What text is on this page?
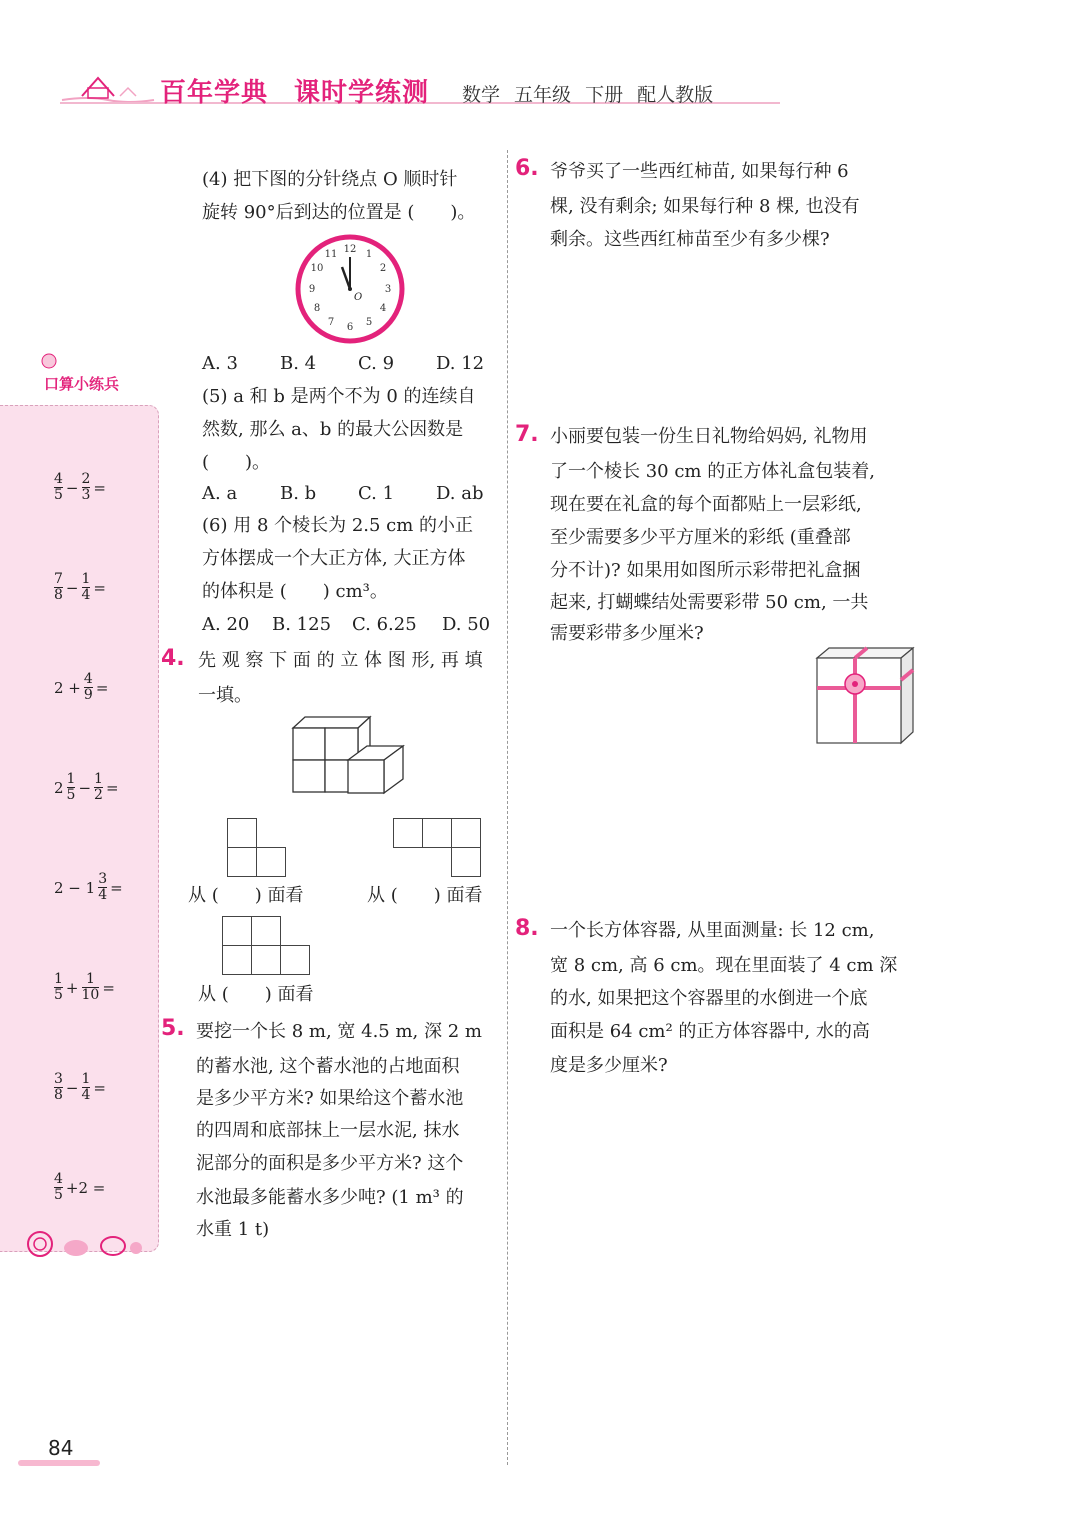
百年学典 课时学练测 数学 五年级 下册 配人教版
口算小练兵
$\frac{4}{5} - \frac{2}{3}$ =
$\frac{7}{8} - \frac{1}{4}$ =
$2 + \frac{4}{9}$ =
$2 \frac{1}{5} - \frac{1}{2}$ =
$2 - 1 \frac{3}{4}$ =
$\frac{1}{5} + \frac{1}{10}$ =
$\frac{3}{8} - \frac{1}{4}$ =
$\frac{4}{5} +2$ =
(4) 把下图的分针绕点 O 顺时针
旋转 90°后到达的位置是 (　　)。
12 1
2
3
4
5
6
7
8
9
10
11
O
A. 3 B. 4 C. 9 D. 12
(5) a 和 b 是两个不为 0 的连续自
然数, 那么 a、b 的最大公因数是
(　　)。
A. a B. b C. 1 D. ab
(6) 用 8 个棱长为 2.5 cm 的小正
方体摆成一个大正方体, 大正方体
的体积是 (　　) cm³。
A. 20 B. 125 C. 6.25 D. 50
4. 先 观 察 下 面 的 立 体 图 形, 再 填
一填。
从 (　　) 面看	从 (　　) 面看
从 (　　) 面看
5. 要挖一个长 8 m, 宽 4.5 m, 深 2 m
的蓄水池, 这个蓄水池的占地面积
是多少平方米? 如果给这个蓄水池
的四周和底部抹上一层水泥, 抹水
泥部分的面积是多少平方米? 这个
水池最多能蓄水多少吨? (1 m³ 的
水重 1 t)
6. 爷爷买了一些西红柿苗, 如果每行种 6
棵, 没有剩余; 如果每行种 8 棵, 也没有
剩余。这些西红柿苗至少有多少棵?
7. 小丽要包装一份生日礼物给妈妈, 礼物用
了一个棱长 30 cm 的正方体礼盒包装着,
现在要在礼盒的每个面都贴上一层彩纸,
至少需要多少平方厘米的彩纸 (重叠部
分不计)? 如果用如图所示彩带把礼盒捆
起来, 打蝴蝶结处需要彩带 50 cm, 一共
需要彩带多少厘米?
8. 一个长方体容器, 从里面测量: 长 12 cm,
宽 8 cm, 高 6 cm。现在里面装了 4 cm 深
的水, 如果把这个容器里的水倒进一个底
面积是 64 cm² 的正方体容器中, 水的高
度是多少厘米?
84
